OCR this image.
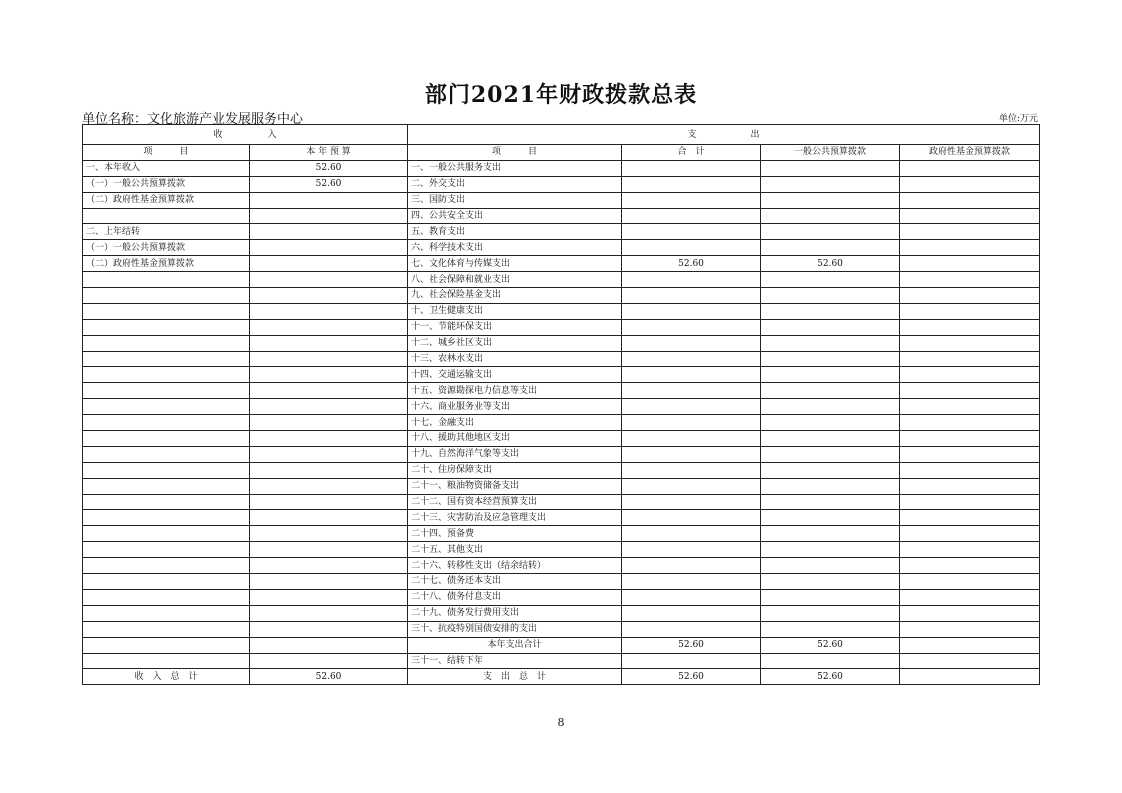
部门2021年财政拨款总表
单位名称：文化旅游产业发展服务中心	单位:万元
收　　　　　入		支　　　　　　出			
项　　　目	本 年 预 算	项　　　目	合　计	一般公共预算拨款	政府性基金预算拨款
一、本年收入	52.60	一、一般公共服务支出			
（一）一般公共预算拨款	52.60	二、外交支出			
（二）政府性基金预算拨款		三、国防支出			
		四、公共安全支出			
二、上年结转		五、教育支出			
（一）一般公共预算拨款		六、科学技术支出			
（二）政府性基金预算拨款		七、文化体育与传媒支出	52.60	52.60	
		八、社会保障和就业支出			
		九、社会保险基金支出			
		十、卫生健康支出			
		十一、节能环保支出			
		十二、城乡社区支出			
		十三、农林水支出			
		十四、交通运输支出			
		十五、资源勘探电力信息等支出			
		十六、商业服务业等支出			
		十七、金融支出			
		十八、援助其他地区支出			
		十九、自然海洋气象等支出			
		二十、住房保障支出			
		二十一、粮油物资储备支出			
		二十二、国有资本经营预算支出			
		二十三、灾害防治及应急管理支出			
		二十四、预备费			
		二十五、其他支出			
		二十六、转移性支出（结余结转）			
		二十七、债务还本支出			
		二十八、债务付息支出			
		二十九、债务发行费用支出			
		三十、抗疫特别国债安排的支出			
		本年支出合计	52.60	52.60	
		三十一、结转下年			
收　入　总　计	52.60	支　出　总　计	52.60	52.60	
8
